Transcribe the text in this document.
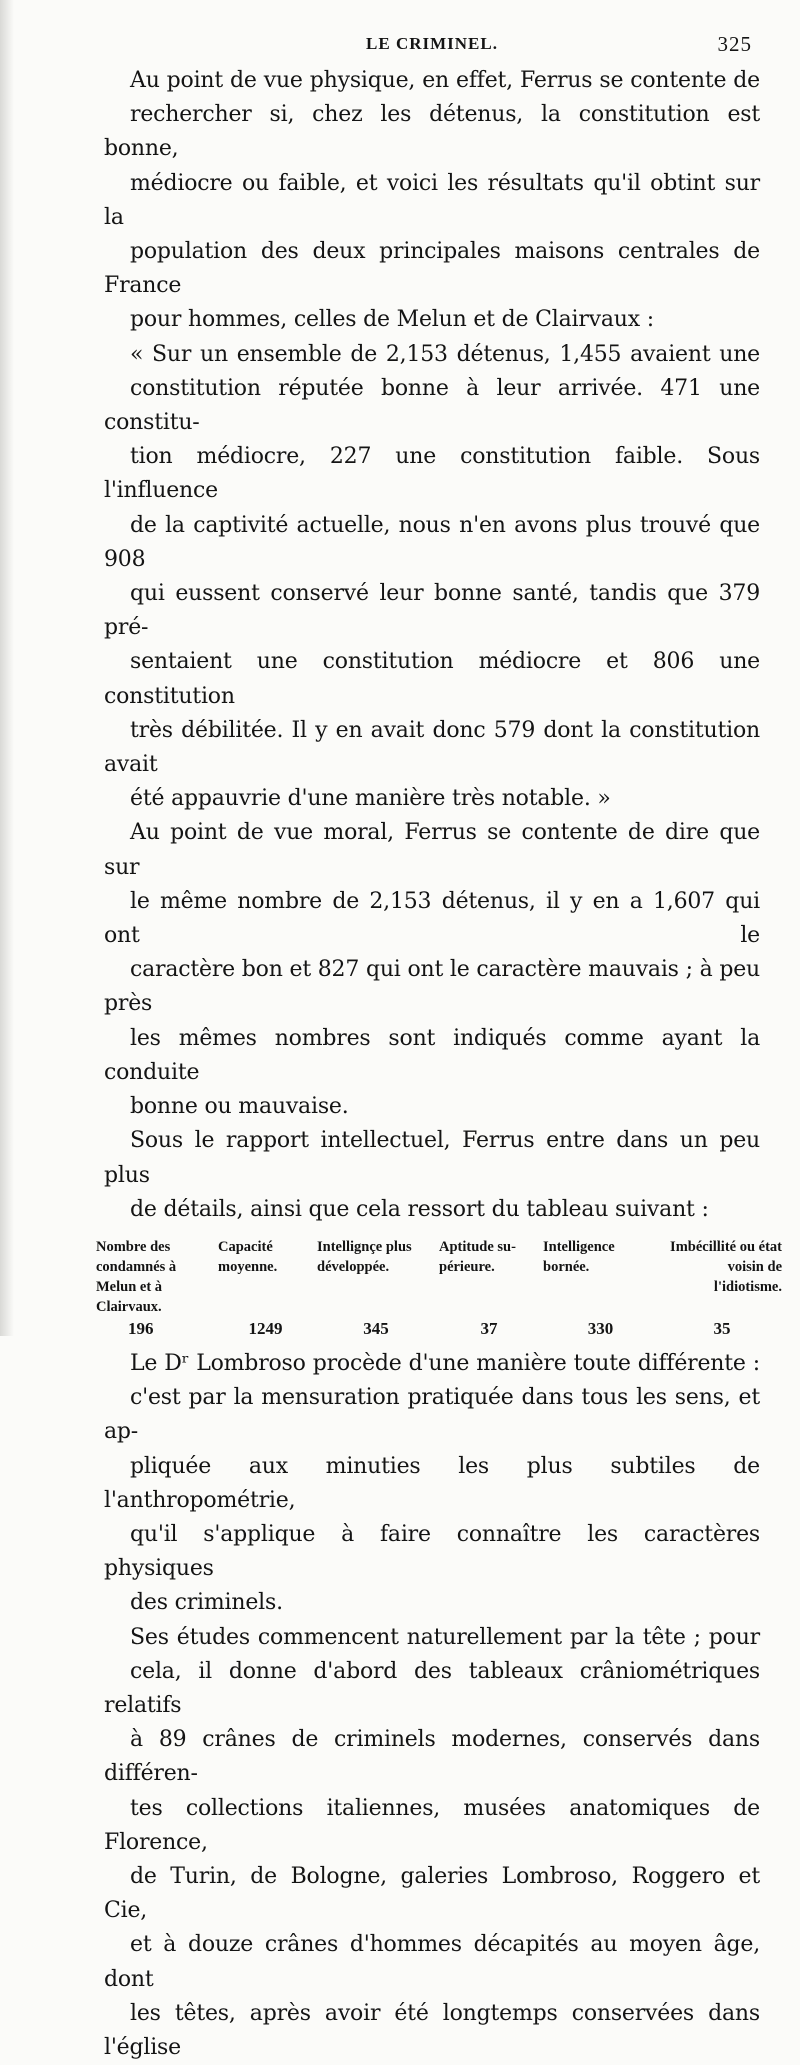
LE CRIMINEL.	325

Au point de vue physique, en effet, Ferrus se contente de
rechercher si, chez les détenus, la constitution est bonne,
médiocre ou faible, et voici les résultats qu'il obtint sur la
population des deux principales maisons centrales de France
pour hommes, celles de Melun et de Clairvaux :

« Sur un ensemble de 2,153 détenus, 1,455 avaient une
constitution réputée bonne à leur arrivée. 471 une constitu-
tion médiocre, 227 une constitution faible. Sous l'influence
de la captivité actuelle, nous n'en avons plus trouvé que 908
qui eussent conservé leur bonne santé, tandis que 379 pré-
sentaient une constitution médiocre et 806 une constitution
très débilitée. Il y en avait donc 579 dont la constitution avait
été appauvrie d'une manière très notable. »

Au point de vue moral, Ferrus se contente de dire que sur
le même nombre de 2,153 détenus, il y en a 1,607 qui ont le
caractère bon et 827 qui ont le caractère mauvais ; à peu près
les mêmes nombres sont indiqués comme ayant la conduite
bonne ou mauvaise.

Sous le rapport intellectuel, Ferrus entre dans un peu plus
de détails, ainsi que cela ressort du tableau suivant :

Nombre des condamnés à Melun et à Clairvaux.	Capacité moyenne.	Intellignçe plus développée.	Aptitude su-périeure.	Intelligence bornée.	Imbécillité ou état voisin de l'idiotisme.
196	1249	345	37	330	35

Le Dʳ Lombroso procède d'une manière toute différente :
c'est par la mensuration pratiquée dans tous les sens, et ap-
pliquée aux minuties les plus subtiles de l'anthropométrie,
qu'il s'applique à faire connaître les caractères physiques
des criminels.

Ses études commencent naturellement par la tête ; pour
cela, il donne d'abord des tableaux crâniométriques relatifs
à 89 crânes de criminels modernes, conservés dans différen-
tes collections italiennes, musées anatomiques de Florence,
de Turin, de Bologne, galeries Lombroso, Roggero et Cie,
et à douze crânes d'hommes décapités au moyen âge, dont
les têtes, après avoir été longtemps conservées dans l'église
